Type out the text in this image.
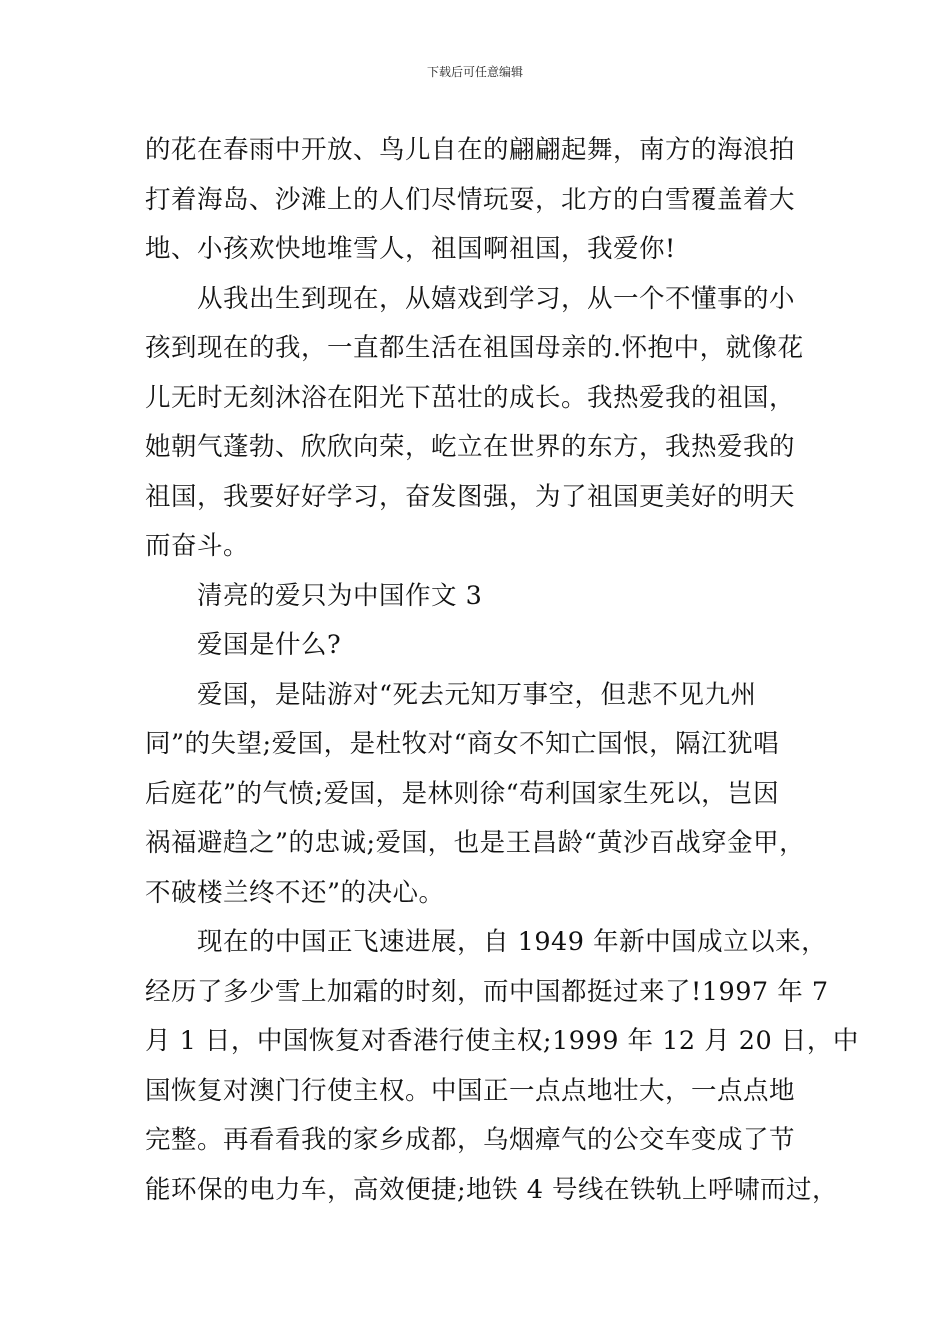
下载后可任意编辑
的花在春雨中开放、鸟儿自在的翩翩起舞，南方的海浪拍
打着海岛、沙滩上的人们尽情玩耍，北方的白雪覆盖着大
地、小孩欢快地堆雪人，祖国啊祖国，我爱你!
　　从我出生到现在，从嬉戏到学习，从一个不懂事的小
孩到现在的我，一直都生活在祖国母亲的.怀抱中，就像花
儿无时无刻沐浴在阳光下茁壮的成长。我热爱我的祖国，
她朝气蓬勃、欣欣向荣，屹立在世界的东方，我热爱我的
祖国，我要好好学习，奋发图强，为了祖国更美好的明天
而奋斗。
　　清亮的爱只为中国作文 3
　　爱国是什么?
　　爱国，是陆游对“死去元知万事空，但悲不见九州
同”的失望;爱国，是杜牧对“商女不知亡国恨，隔江犹唱
后庭花”的气愤;爱国，是林则徐“苟利国家生死以，岂因
祸福避趋之”的忠诚;爱国，也是王昌龄“黄沙百战穿金甲，
不破楼兰终不还”的决心。
　　现在的中国正飞速进展，自 1949 年新中国成立以来，
经历了多少雪上加霜的时刻，而中国都挺过来了!1997 年 7
月 1 日，中国恢复对香港行使主权;1999 年 12 月 20 日，中
国恢复对澳门行使主权。中国正一点点地壮大，一点点地
完整。再看看我的家乡成都，乌烟瘴气的公交车变成了节
能环保的电力车，高效便捷;地铁 4 号线在铁轨上呼啸而过，
